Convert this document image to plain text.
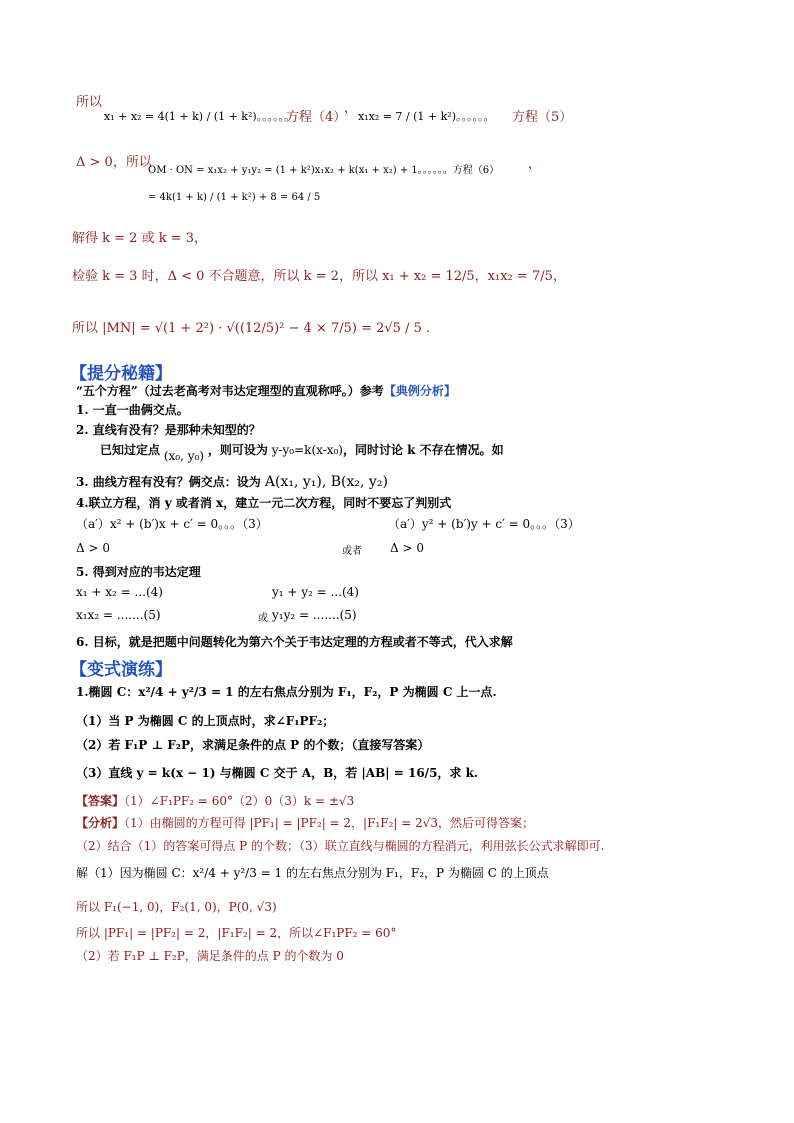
所以
x₁ + x₂ = 4(1 + k) / (1 + k²)。。。。。。
方程（4）
，
x₁x₂ = 7 / (1 + k²)。。。。。。 方程（5）
Δ > 0，所以
OM · ON = x₁x₂ + y₁y₂ = (1 + k²)x₁x₂ + k(x₁ + x₂) + 1。。。。。。方程（6） ，
= 4k(1 + k) / (1 + k²) + 8 = 64 / 5
解得 k = 2 或 k = 3，
检验 k = 3 时，Δ < 0 不合题意，所以 k = 2，所以 x₁ + x₂ = 12/5，x₁x₂ = 7/5，
所以 |MN| = √(1 + 2²) · √((12/5)² − 4 × 7/5) = 2√5 / 5 .
【提分秘籍】
“五个方程”（过去老高考对韦达定理型的直观称呼。）参考【典例分析】
1. 一直一曲俩交点。
2. 直线有没有？是那种未知型的？
已知过定点 (x₀, y₀) ，则可设为 y-y₀=k(x-x₀)，同时讨论 k 不存在情况。如
3. 曲线方程有没有？俩交点：设为 A(x₁, y₁), B(x₂, y₂)
4.联立方程，消 y 或者消 x，建立一元二次方程，同时不要忘了判别式
（a′）x² + (b′)x + c′ = 0。。。（3）	（a′）y² + (b′)y + c′ = 0。。。（3）
Δ > 0	或者 Δ > 0
5. 得到对应的韦达定理
x₁ + x₂ = ...(4)	y₁ + y₂ = ...(4)
x₁x₂ = .......(5)	或 y₁y₂ = .......(5)
6. 目标，就是把题中问题转化为第六个关于韦达定理的方程或者不等式，代入求解
【变式演练】
1.椭圆 C：x²/4 + y²/3 = 1 的左右焦点分别为 F₁，F₂，P 为椭圆 C 上一点.
（1）当 P 为椭圆 C 的上顶点时，求∠F₁PF₂；
（2）若 F₁P ⊥ F₂P，求满足条件的点 P 的个数；（直接写答案）
（3）直线 y = k(x − 1) 与椭圆 C 交于 A，B，若 |AB| = 16/5，求 k.
【答案】（1）∠F₁PF₂ = 60°（2）0（3）k = ±√3
【分析】（1）由椭圆的方程可得 |PF₁| = |PF₂| = 2，|F₁F₂| = 2√3，然后可得答案；
（2）结合（1）的答案可得点 P 的个数；（3）联立直线与椭圆的方程消元，利用弦长公式求解即可.
解（1）因为椭圆 C：x²/4 + y²/3 = 1 的左右焦点分别为 F₁，F₂，P 为椭圆 C 的上顶点
所以 F₁(−1, 0)，F₂(1, 0)，P(0, √3)
所以 |PF₁| = |PF₂| = 2，|F₁F₂| = 2，所以∠F₁PF₂ = 60°
（2）若 F₁P ⊥ F₂P，满足条件的点 P 的个数为 0
